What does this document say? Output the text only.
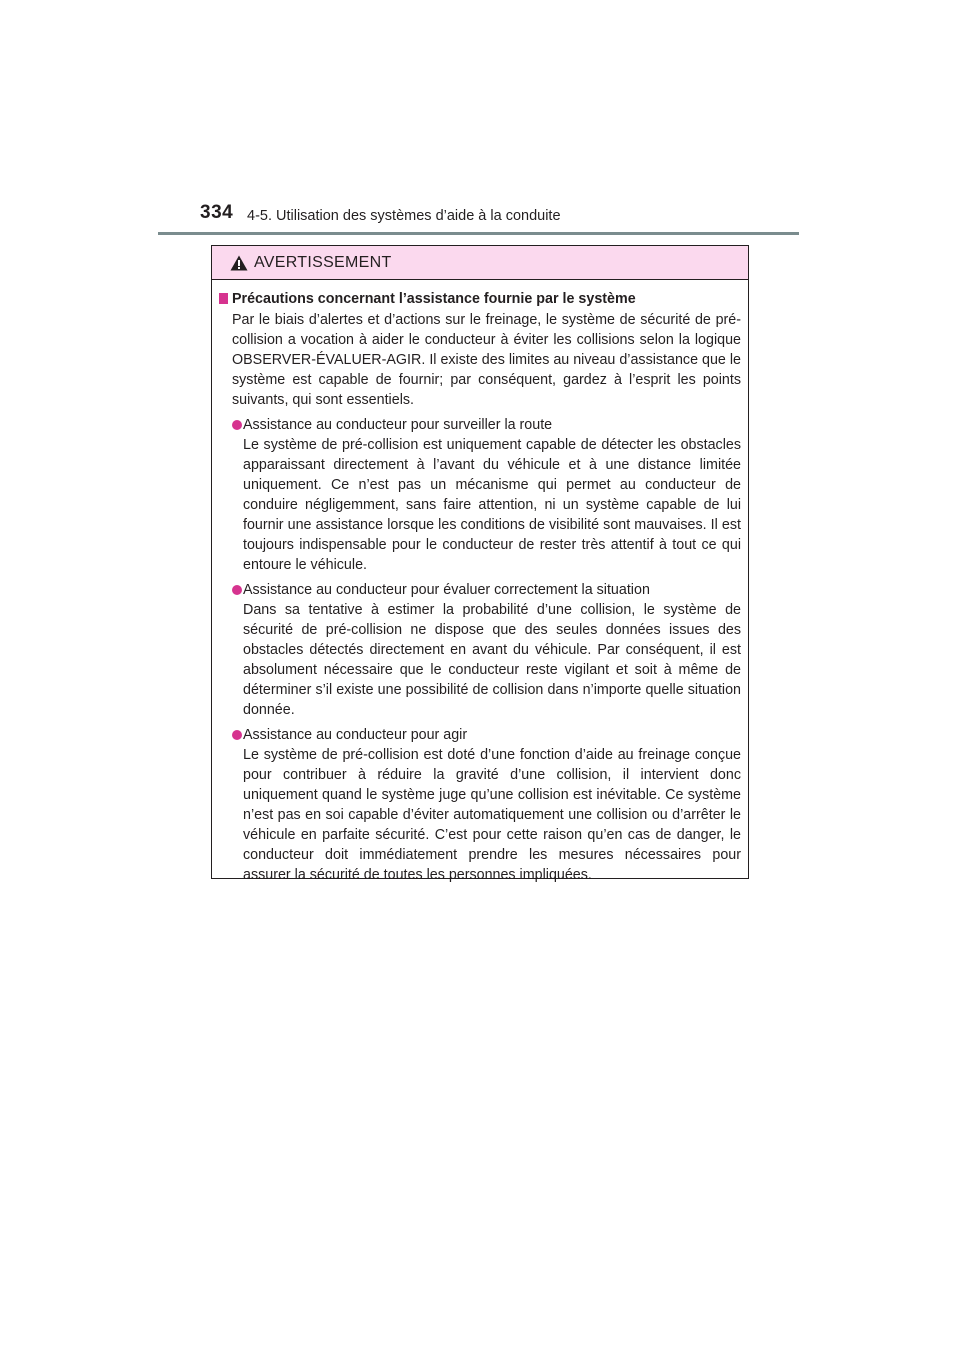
334 4-5. Utilisation des systèmes d’aide à la conduite
AVERTISSEMENT
Précautions concernant l’assistance fournie par le système

Par le biais d’alertes et d’actions sur le freinage, le système de sécurité de pré-collision a vocation à aider le conducteur à éviter les collisions selon la logique OBSERVER-ÉVALUER-AGIR. Il existe des limites au niveau d’assistance que le système est capable de fournir; par conséquent, gardez à l’esprit les points suivants, qui sont essentiels.

Assistance au conducteur pour surveiller la route
Le système de pré-collision est uniquement capable de détecter les obstacles apparaissant directement à l’avant du véhicule et à une distance limitée uniquement. Ce n’est pas un mécanisme qui permet au conducteur de conduire négligemment, sans faire attention, ni un système capable de lui fournir une assistance lorsque les conditions de visibilité sont mauvaises. Il est toujours indispensable pour le conducteur de rester très attentif à tout ce qui entoure le véhicule.
Assistance au conducteur pour évaluer correctement la situation
Dans sa tentative à estimer la probabilité d’une collision, le système de sécurité de pré-collision ne dispose que des seules données issues des obstacles détectés directement en avant du véhicule. Par conséquent, il est absolument nécessaire que le conducteur reste vigilant et soit à même de déterminer s’il existe une possibilité de collision dans n’importe quelle situation donnée.
Assistance au conducteur pour agir
Le système de pré-collision est doté d’une fonction d’aide au freinage conçue pour contribuer à réduire la gravité d’une collision, il intervient donc uniquement quand le système juge qu’une collision est inévitable. Ce système n’est pas en soi capable d’éviter automatiquement une collision ou d’arrêter le véhicule en parfaite sécurité. C’est pour cette raison qu’en cas de danger, le conducteur doit immédiatement prendre les mesures nécessaires pour assurer la sécurité de toutes les personnes impliquées.
